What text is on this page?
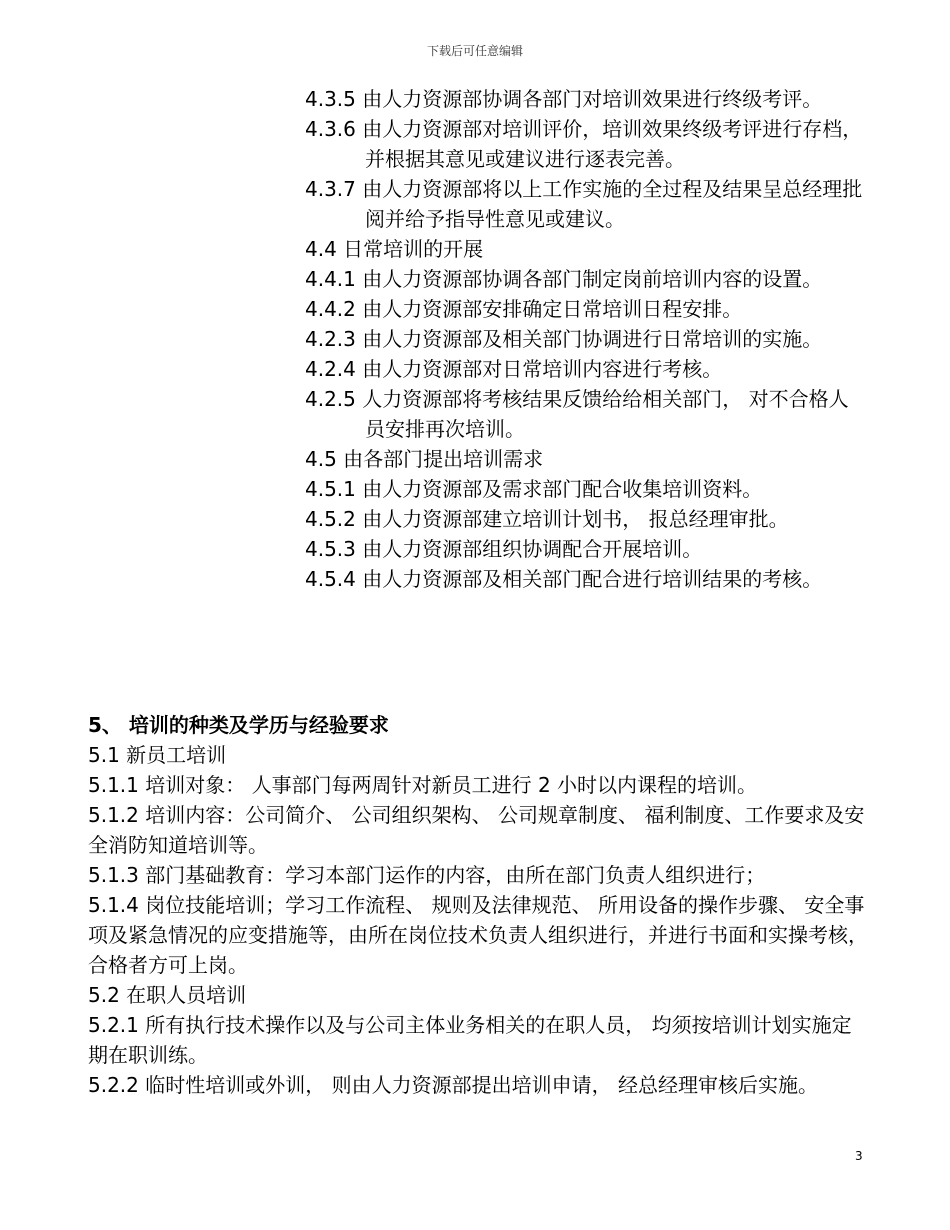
下载后可任意编辑
4.3.5 由人力资源部协调各部门对培训效果进行终级考评。
4.3.6 由人力资源部对培训评价，培训效果终级考评进行存档，并根据其意见或建议进行逐表完善。
4.3.7 由人力资源部将以上工作实施的全过程及结果呈总经理批阅并给予指导性意见或建议。
4.4 日常培训的开展
4.4.1 由人力资源部协调各部门制定岗前培训内容的设置。
4.4.2 由人力资源部安排确定日常培训日程安排。
4.2.3 由人力资源部及相关部门协调进行日常培训的实施。
4.2.4 由人力资源部对日常培训内容进行考核。
4.2.5 人力资源部将考核结果反馈给给相关部门， 对不合格人员安排再次培训。
4.5 由各部门提出培训需求
4.5.1 由人力资源部及需求部门配合收集培训资料。
4.5.2 由人力资源部建立培训计划书， 报总经理审批。
4.5.3 由人力资源部组织协调配合开展培训。
4.5.4 由人力资源部及相关部门配合进行培训结果的考核。
5、 培训的种类及学历与经验要求
5.1 新员工培训
5.1.1 培训对象： 人事部门每两周针对新员工进行 2 小时以内课程的培训。
5.1.2 培训内容：公司简介、 公司组织架构、 公司规章制度、 福利制度、工作要求及安全消防知道培训等。
5.1.3 部门基础教育：学习本部门运作的内容，由所在部门负责人组织进行；
5.1.4 岗位技能培训；学习工作流程、 规则及法律规范、 所用设备的操作步骤、 安全事项及紧急情况的应变措施等，由所在岗位技术负责人组织进行，并进行书面和实操考核，合格者方可上岗。
5.2 在职人员培训
5.2.1 所有执行技术操作以及与公司主体业务相关的在职人员， 均须按培训计划实施定期在职训练。
5.2.2 临时性培训或外训， 则由人力资源部提出培训申请， 经总经理审核后实施。
3
